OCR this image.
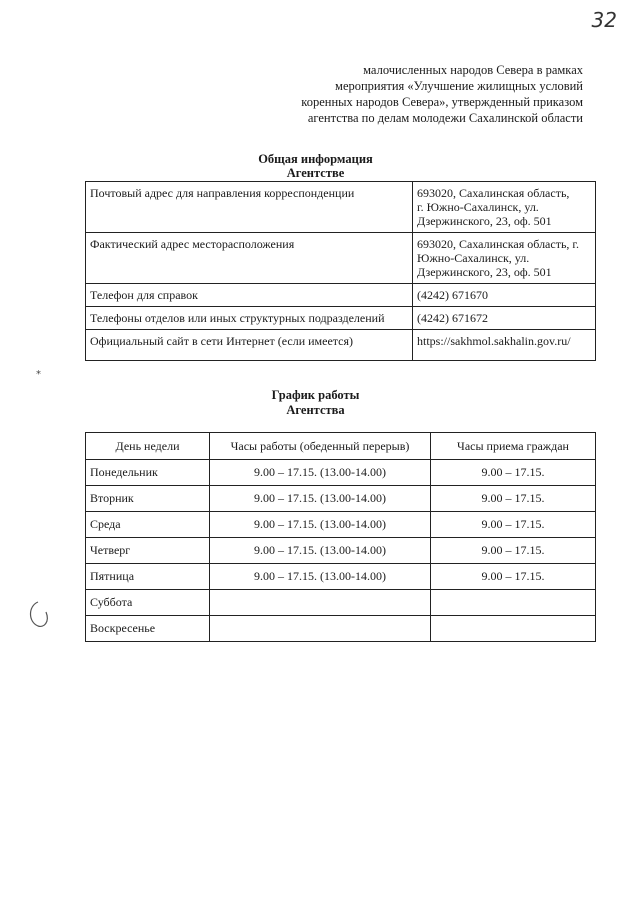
32
малочисленных народов Севера в рамках
мероприятия «Улучшение жилищных условий
коренных народов Севера», утвержденный приказом
агентства по делам молодежи Сахалинской области
Общая информация
Агентстве
Почтовый адрес для направления корреспонденции	693020, Сахалинская область,
г. Южно-Сахалинск, ул.
Дзержинского, 23, оф. 501

Фактический адрес месторасположения	693020, Сахалинская область, г.
Южно-Сахалинск, ул.
Дзержинского, 23, оф. 501

Телефон для справок	(4242) 671670
Телефоны отделов или иных структурных подразделений	(4242) 671672
Официальный сайт в сети Интернет (если имеется)	https://sakhmol.sakhalin.gov.ru/
График работы
Агентства
День недели	Часы работы (обеденный перерыв)	Часы приема граждан
Понедельник	9.00 – 17.15. (13.00-14.00)	9.00 – 17.15.
Вторник	9.00 – 17.15. (13.00-14.00)	9.00 – 17.15.
Среда	9.00 – 17.15. (13.00-14.00)	9.00 – 17.15.
Четверг	9.00 – 17.15. (13.00-14.00)	9.00 – 17.15.
Пятница	9.00 – 17.15. (13.00-14.00)	9.00 – 17.15.
Суббота		
Воскресенье		
⁎
